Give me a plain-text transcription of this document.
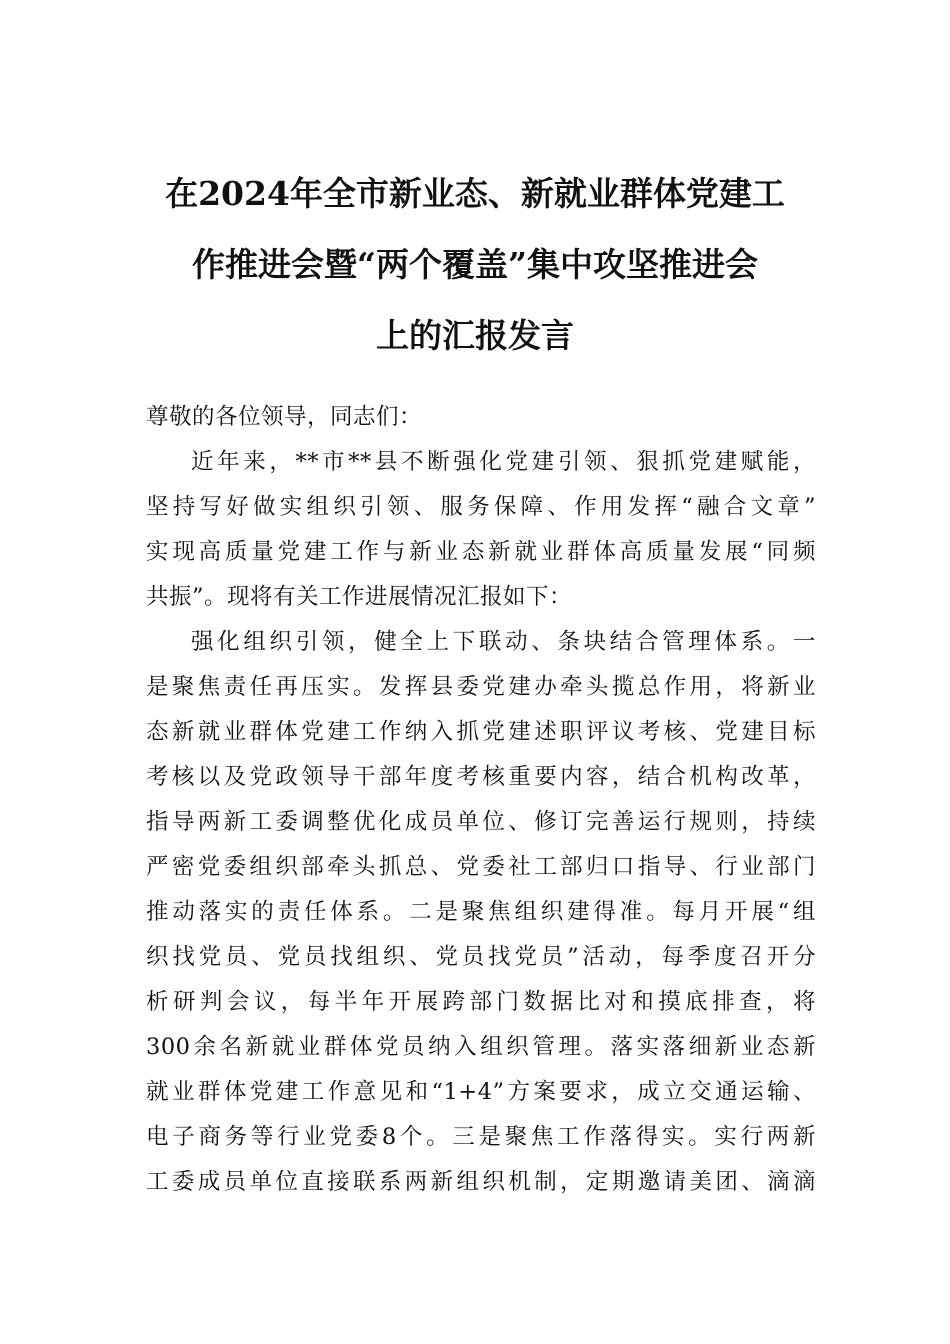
在2024年全市新业态、新就业群体党建工
作推进会暨“两个覆盖”集中攻坚推进会
上的汇报发言
尊敬的各位领导，同志们：
近年来，**市**县不断强化党建引领、狠抓党建赋能，
坚持写好做实组织引领、服务保障、作用发挥“融合文章”
实现高质量党建工作与新业态新就业群体高质量发展“同频
共振”。现将有关工作进展情况汇报如下：
强化组织引领，健全上下联动、条块结合管理体系。一
是聚焦责任再压实。发挥县委党建办牵头揽总作用，将新业
态新就业群体党建工作纳入抓党建述职评议考核、党建目标
考核以及党政领导干部年度考核重要内容，结合机构改革，
指导两新工委调整优化成员单位、修订完善运行规则，持续
严密党委组织部牵头抓总、党委社工部归口指导、行业部门
推动落实的责任体系。二是聚焦组织建得准。每月开展“组
织找党员、党员找组织、党员找党员”活动，每季度召开分
析研判会议，每半年开展跨部门数据比对和摸底排查，将
300余名新就业群体党员纳入组织管理。落实落细新业态新
就业群体党建工作意见和“1+4”方案要求，成立交通运输、
电子商务等行业党委8个。三是聚焦工作落得实。实行两新
工委成员单位直接联系两新组织机制，定期邀请美团、滴滴
